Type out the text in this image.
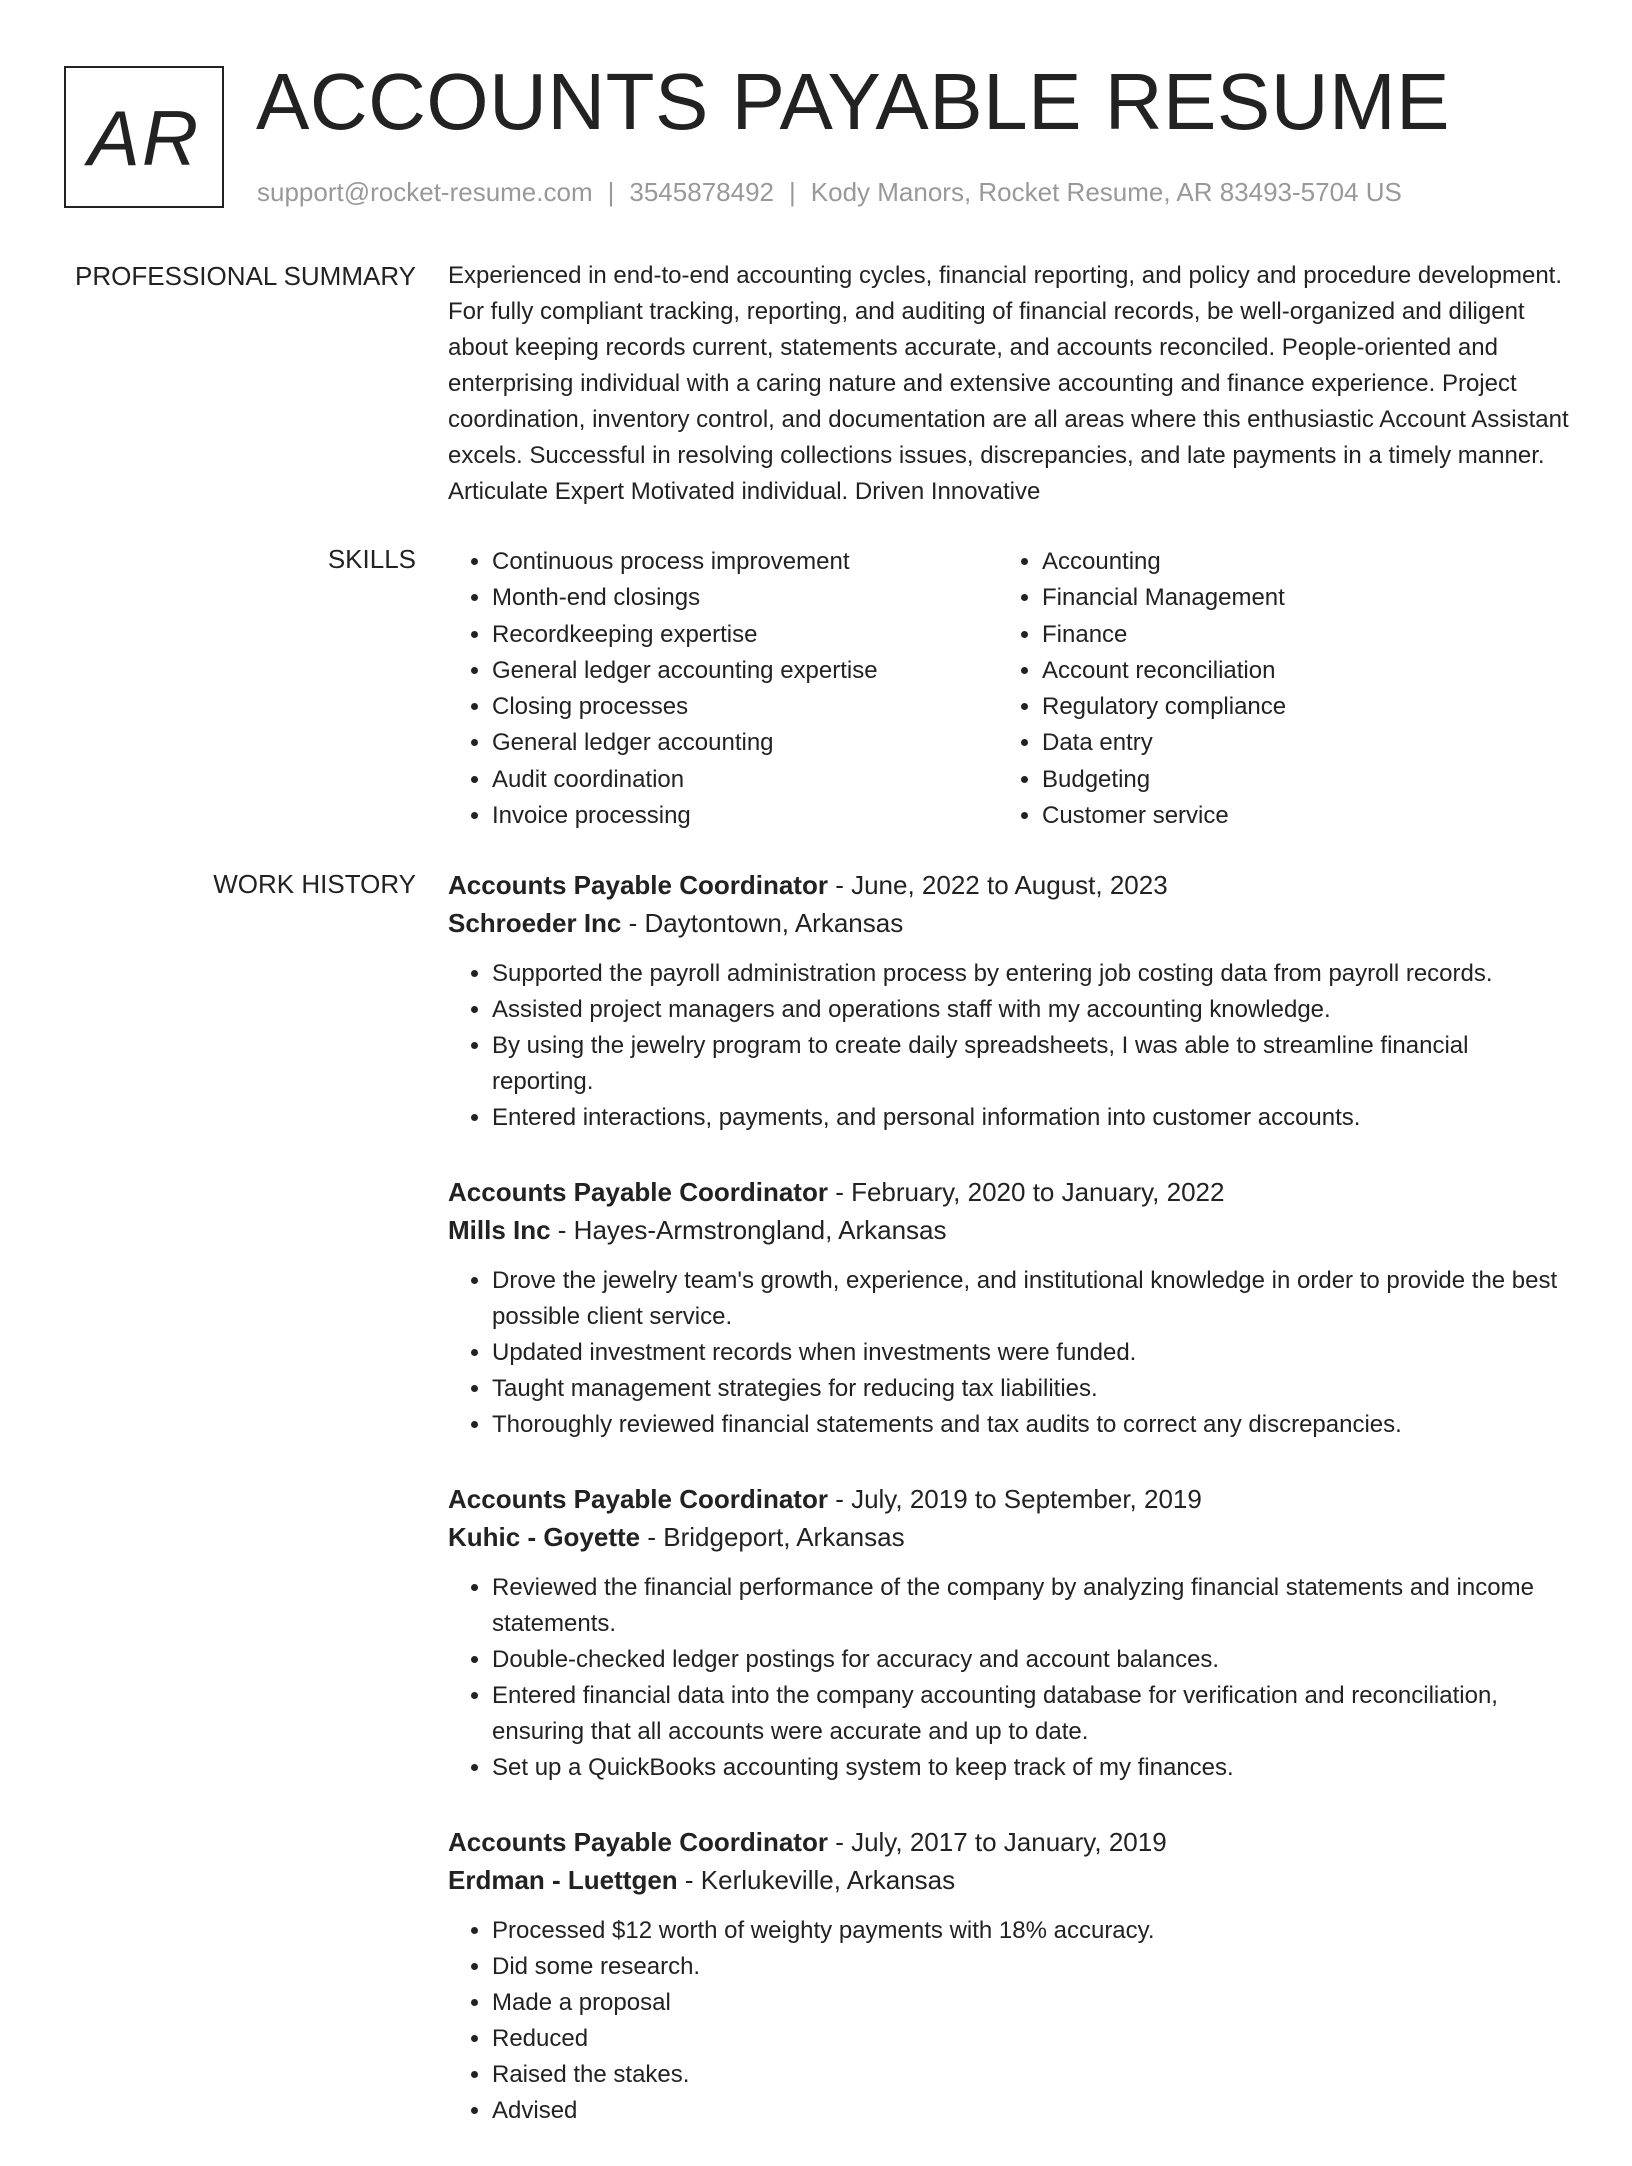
AR ACCOUNTS PAYABLE RESUME
support@rocket-resume.com | 3545878492 | Kody Manors, Rocket Resume, AR 83493-5704 US
PROFESSIONAL SUMMARY Experienced in end-to-end accounting cycles, financial reporting, and policy and procedure development. For fully compliant tracking, reporting, and auditing of financial records, be well-organized and diligent about keeping records current, statements accurate, and accounts reconciled. People-oriented and enterprising individual with a caring nature and extensive accounting and finance experience. Project coordination, inventory control, and documentation are all areas where this enthusiastic Account Assistant excels. Successful in resolving collections issues, discrepancies, and late payments in a timely manner. Articulate Expert Motivated individual. Driven Innovative

SKILLS
•	Continuous process improvement
• Month-end closings
• Recordkeeping expertise
• General ledger accounting expertise
• Closing processes
• General ledger accounting
• Audit coordination
• Invoice processing
• Accounting
• Financial Management
• Finance
• Account reconciliation
• Regulatory compliance
• Data entry
• Budgeting
• Customer service
WORK HISTORY Accounts Payable Coordinator - June, 2022 to August, 2023
Schroeder Inc - Daytontown, Arkansas
• Supported the payroll administration process by entering job costing data from payroll records.
• Assisted project managers and operations staff with my accounting knowledge.
• By using the jewelry program to create daily spreadsheets, I was able to streamline financial reporting.
• Entered interactions, payments, and personal information into customer accounts.
Accounts Payable Coordinator - February, 2020 to January, 2022
Mills Inc - Hayes-Armstrongland, Arkansas
• Drove the jewelry team's growth, experience, and institutional knowledge in order to provide the best possible client service.
• Updated investment records when investments were funded.
• Taught management strategies for reducing tax liabilities.
• Thoroughly reviewed financial statements and tax audits to correct any discrepancies.
Accounts Payable Coordinator - July, 2019 to September, 2019
Kuhic - Goyette - Bridgeport, Arkansas
• Reviewed the financial performance of the company by analyzing financial statements and income statements.
• Double-checked ledger postings for accuracy and account balances.
• Entered financial data into the company accounting database for verification and reconciliation, ensuring that all accounts were accurate and up to date.
• Set up a QuickBooks accounting system to keep track of my finances.
Accounts Payable Coordinator - July, 2017 to January, 2019
Erdman - Luettgen - Kerlukeville, Arkansas
• Processed $12 worth of weighty payments with 18% accuracy.
• Did some research.
• Made a proposal
• Reduced
• Raised the stakes.
• Advised
